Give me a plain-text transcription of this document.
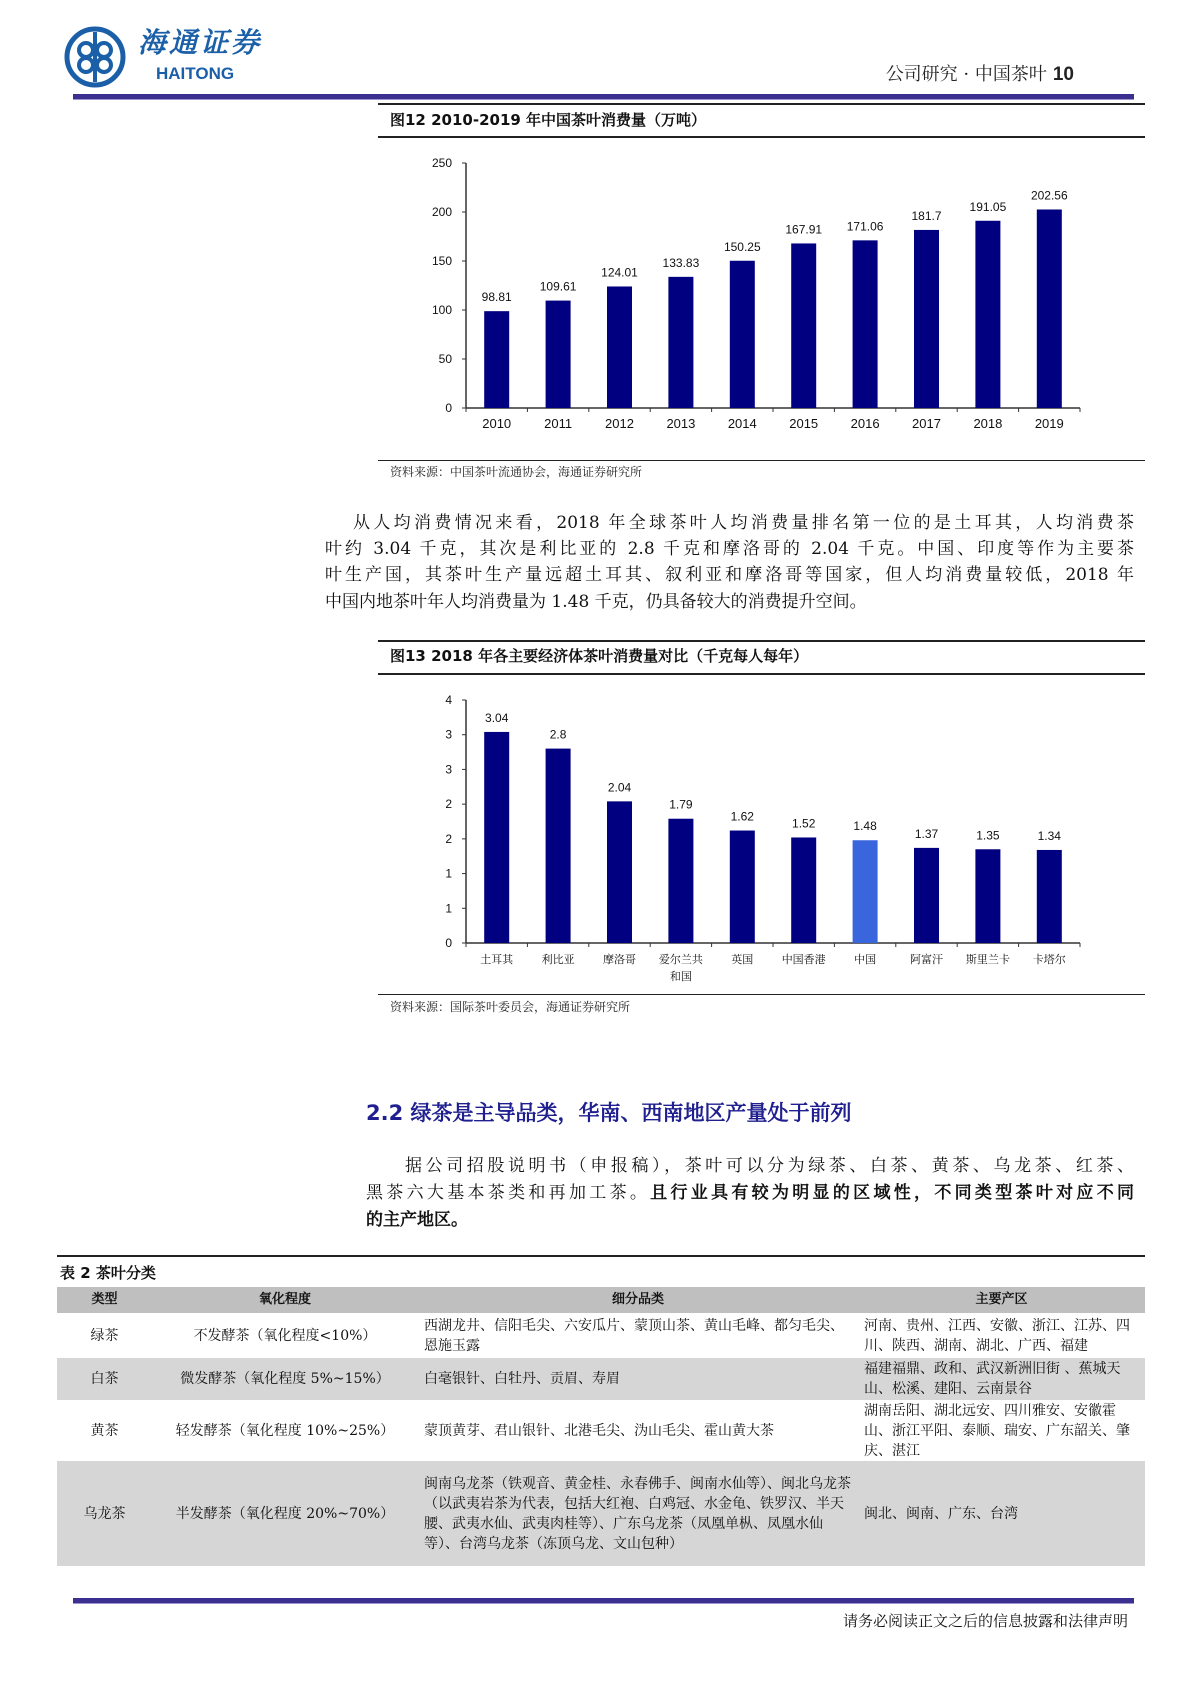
海通证券
HAITONG	公司研究 · 中国茶叶 10
图12 2010-2019 年中国茶叶消费量（万吨）
0
50
100
150
200
250
98.81
2010
109.61
2011
124.01
2012
133.83
2013
150.25
2014
167.91
2015
171.06
2016
181.7
2017
191.05
2018
202.56
2019
资料来源：中国茶叶流通协会，海通证券研究所
从人均消费情况来看，2018 年全球茶叶人均消费量排名第一位的是土耳其，人均消费茶
叶约 3.04 千克，其次是利比亚的 2.8 千克和摩洛哥的 2.04 千克。中国、印度等作为主要茶
叶生产国，其茶叶生产量远超土耳其、叙利亚和摩洛哥等国家，但人均消费量较低，2018 年
中国内地茶叶年人均消费量为 1.48 千克，仍具备较大的消费提升空间。
图13 2018 年各主要经济体茶叶消费量对比（千克每人每年）
0
1
1
2
2
3
3
4
3.04
土耳其
2.8
利比亚
2.04
摩洛哥
1.79
爱尔兰共
和国
1.62
英国
1.52
中国香港
1.48
中国
1.37
阿富汗
1.35
斯里兰卡
1.34
卡塔尔
资料来源：国际茶叶委员会，海通证券研究所
2.2 绿茶是主导品类，华南、西南地区产量处于前列
据公司招股说明书（申报稿），茶叶可以分为绿茶、白茶、黄茶、乌龙茶、红茶、
黑茶六大基本茶类和再加工茶。且行业具有较为明显的区域性，不同类型茶叶对应不同
的主产地区。
表 2 茶叶分类
类型	氧化程度	细分品类	主要产区
绿茶	不发酵茶（氧化程度<10%）	西湖龙井、信阳毛尖、六安瓜片、蒙顶山茶、黄山毛峰、都匀毛尖、恩施玉露	河南、贵州、江西、安徽、浙江、江苏、四川、陕西、湖南、湖北、广西、福建
白茶	微发酵茶（氧化程度 5%~15%）	白毫银针、白牡丹、贡眉、寿眉	福建福鼎、政和、武汉新洲旧街 、蕉城天山、松溪、建阳、云南景谷
黄茶	轻发酵茶（氧化程度 10%~25%）	蒙顶黄芽、君山银针、北港毛尖、沩山毛尖、霍山黄大茶	湖南岳阳、湖北远安、四川雅安、安徽霍山、浙江平阳、泰顺、瑞安、广东韶关、肇庆、湛江
乌龙茶	半发酵茶（氧化程度 20%~70%）	闽南乌龙茶（铁观音、黄金桂、永春佛手、闽南水仙等）、闽北乌龙茶（以武夷岩茶为代表，包括大红袍、白鸡冠、水金龟、铁罗汉、半天腰、武夷水仙、武夷肉桂等）、广东乌龙茶（凤凰单枞、凤凰水仙等）、台湾乌龙茶（冻顶乌龙、文山包种）	闽北、闽南、广东、台湾
请务必阅读正文之后的信息披露和法律声明
